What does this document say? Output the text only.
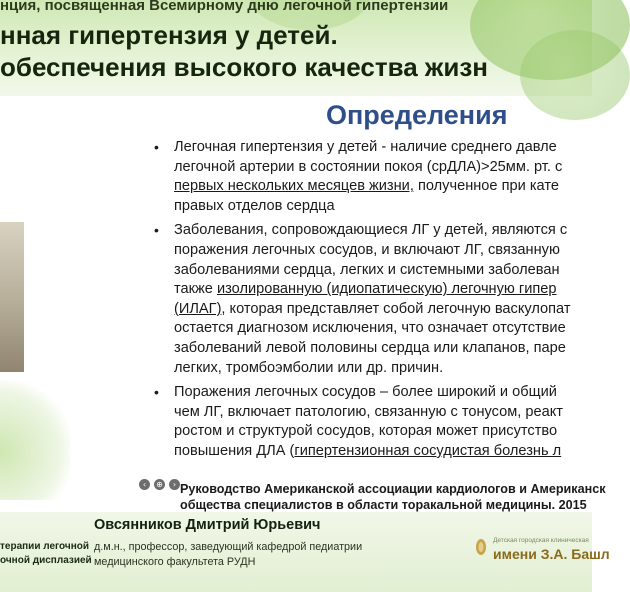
нция, посвященная Всемирному дню легочной гипертензии
нная гипертензия у детей.
обеспечения высокого качества жизн
Определения
• Легочная гипертензия у детей - наличие среднего давле
легочной артерии в состоянии покоя (срДЛА)>25мм. рт. с
первых нескольких месяцев жизни, полученное при кате
правых отделов сердца
• Заболевания, сопровождающиеся ЛГ у детей, являются с
поражения легочных сосудов, и включают ЛГ, связанную
заболеваниями сердца, легких и системными заболеван
также изолированную (идиопатическую) легочную гипер
(ИЛАГ), которая представляет собой легочную васкулопат
остается диагнозом исключения, что означает отсутствие
заболеваний левой половины сердца или клапанов, паре
легких, тромбоэмболии или др. причин.
• Поражения легочных сосудов – более широкий и общий
чем ЛГ, включает патологию, связанную с тонусом, реакт
ростом и структурой сосудов, которая может присутство
повышения ДЛА (гипертензионная сосудистая болезнь л
‹	⊕	› Руководство Американской ассоциации кардиологов и Американск
общества специалистов в области торакальной медицины. 2015
терапии легочной
очной дисплазией
Овсянников Дмитрий Юрьевич
д.м.н., профессор, заведующий кафедрой педиатрии
медицинского факультета РУДН
Детская городская клиническая
имени З.А. Башл
